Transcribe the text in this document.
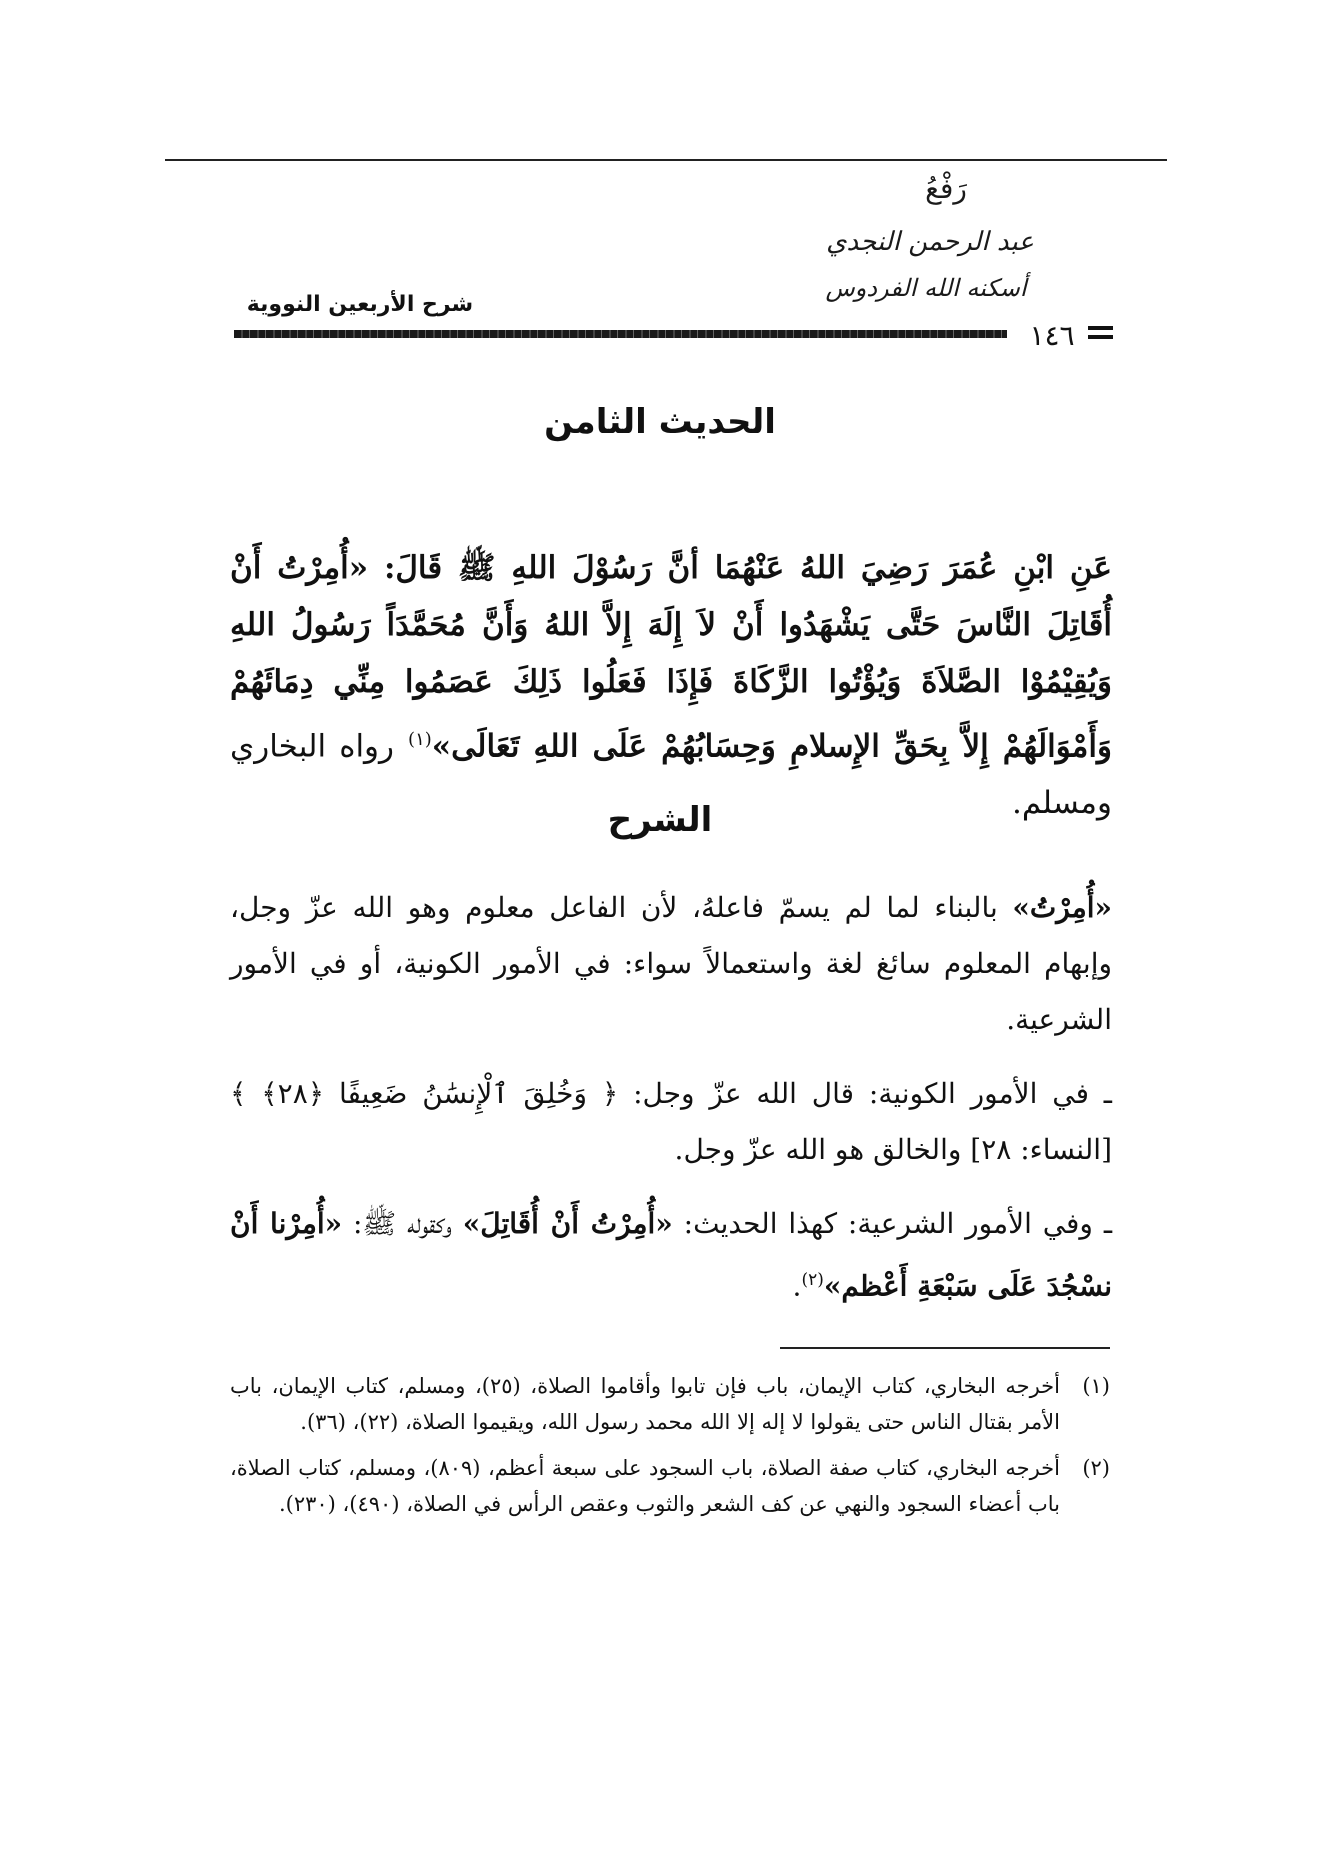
رَفْعُ
عبد الرحمن النجدي
أسكنه الله الفردوس
شرح الأربعين النووية
١٤٦
الحديث الثامن
عَنِ ابْنِ عُمَرَ رَضِيَ اللهُ عَنْهُمَا أنَّ رَسُوْلَ اللهِ ﷺ قَالَ: «أُمِرْتُ أَنْ أُقَاتِلَ النَّاسَ حَتَّى يَشْهَدُوا أَنْ لاَ إِلَهَ إِلاَّ اللهُ وَأَنَّ مُحَمَّدَاً رَسُولُ اللهِ وَيُقِيْمُوْا الصَّلاَةَ وَيُؤْتُوا الزَّكَاةَ فَإِذَا فَعَلُوا ذَلِكَ عَصَمُوا مِنِّي دِمَائَهُمْ وَأَمْوَالَهُمْ إِلاَّ بِحَقِّ الإِسلامِ وَحِسَابُهُمْ عَلَى اللهِ تَعَالَى»$^{(١)}$ رواه البخاري ومسلم.
الشرح

«أُمِرْتُ» بالبناء لما لم يسمّ فاعلهُ، لأن الفاعل معلوم وهو الله عزّ وجل، وإبهام المعلوم سائغ لغة واستعمالاً سواء: في الأمور الكونية، أو في الأمور الشرعية.

ـ في الأمور الكونية: قال الله عزّ وجل: ﴿ وَخُلِقَ ٱلْإِنسَٰنُ ضَعِيفًا ﴿٢٨﴾ ﴾ [النساء: ٢٨] والخالق هو الله عزّ وجل.

ـ وفي الأمور الشرعية: كهذا الحديث: «أُمِرْتُ أَنْ أُقَاتِلَ» وكقوله ﷺ: «أُمِرْنا أَنْ نسْجُدَ عَلَى سَبْعَةِ أَعْظم»$^{(٢)}$.

(١)
أخرجه البخاري، كتاب الإيمان، باب فإن تابوا وأقاموا الصلاة، (٢٥)، ومسلم، كتاب الإيمان، باب الأمر بقتال الناس حتى يقولوا لا إله إلا الله محمد رسول الله، ويقيموا الصلاة، (٢٢)، (٣٦).
(٢)
أخرجه البخاري، كتاب صفة الصلاة، باب السجود على سبعة أعظم، (٨٠٩)، ومسلم، كتاب الصلاة، باب أعضاء السجود والنهي عن كف الشعر والثوب وعقص الرأس في الصلاة، (٤٩٠)، (٢٣٠).
